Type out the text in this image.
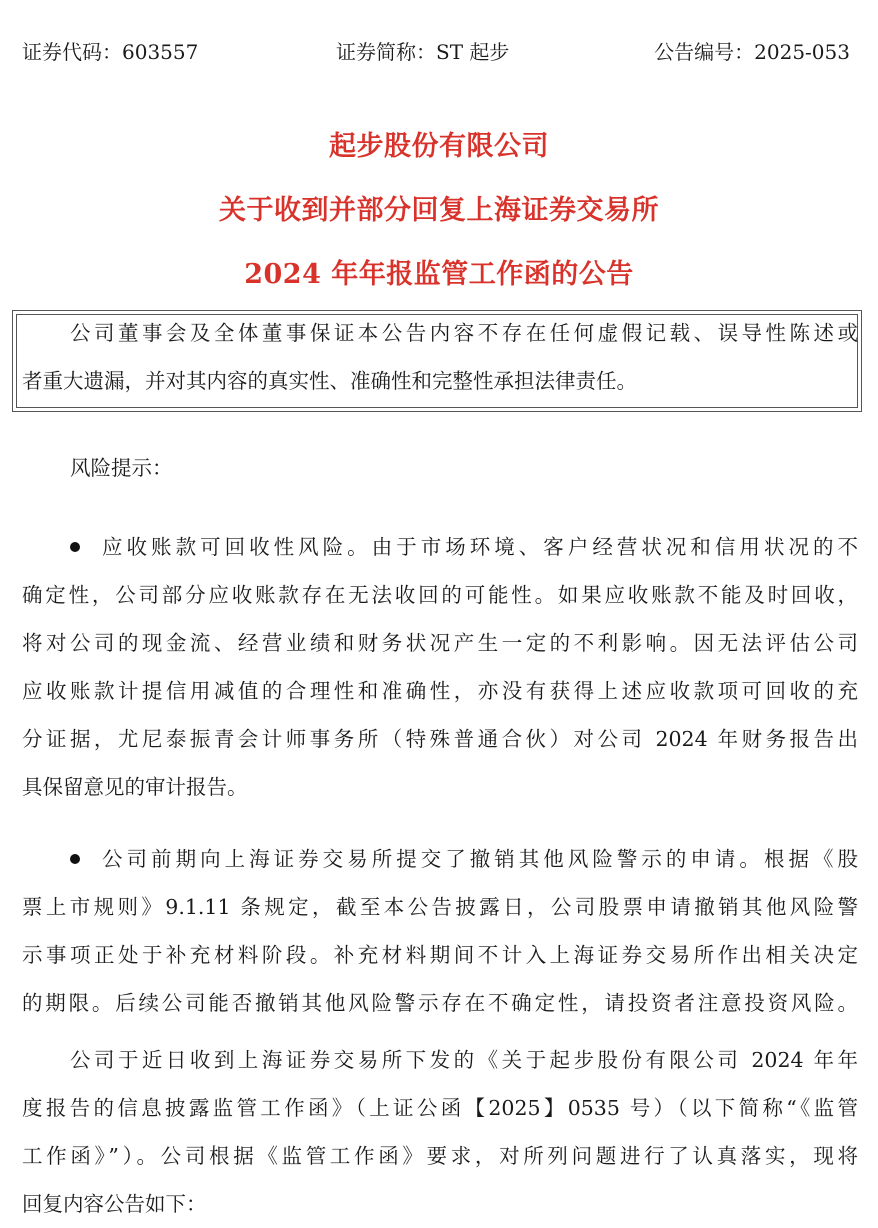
证券代码：603557	证券简称：ST 起步	公告编号：2025-053
起步股份有限公司
关于收到并部分回复上海证券交易所
2024 年年报监管工作函的公告
公司董事会及全体董事保证本公告内容不存在任何虚假记载、误导性陈述或
者重大遗漏，并对其内容的真实性、准确性和完整性承担法律责任。
风险提示：
应收账款可回收性风险。由于市场环境、客户经营状况和信用状况的不
确定性，公司部分应收账款存在无法收回的可能性。如果应收账款不能及时回收，
将对公司的现金流、经营业绩和财务状况产生一定的不利影响。因无法评估公司
应收账款计提信用减值的合理性和准确性，亦没有获得上述应收款项可回收的充
分证据，尤尼泰振青会计师事务所（特殊普通合伙）对公司 2024 年财务报告出
具保留意见的审计报告。
公司前期向上海证券交易所提交了撤销其他风险警示的申请。根据《股
票上市规则》9.1.11 条规定，截至本公告披露日，公司股票申请撤销其他风险警
示事项正处于补充材料阶段。补充材料期间不计入上海证券交易所作出相关决定
的期限。后续公司能否撤销其他风险警示存在不确定性，请投资者注意投资风险。
公司于近日收到上海证券交易所下发的《关于起步股份有限公司 2024 年年
度报告的信息披露监管工作函》（上证公函【2025】0535 号）（以下简称“《监管
工作函》”）。公司根据《监管工作函》要求，对所列问题进行了认真落实，现将
回复内容公告如下：
